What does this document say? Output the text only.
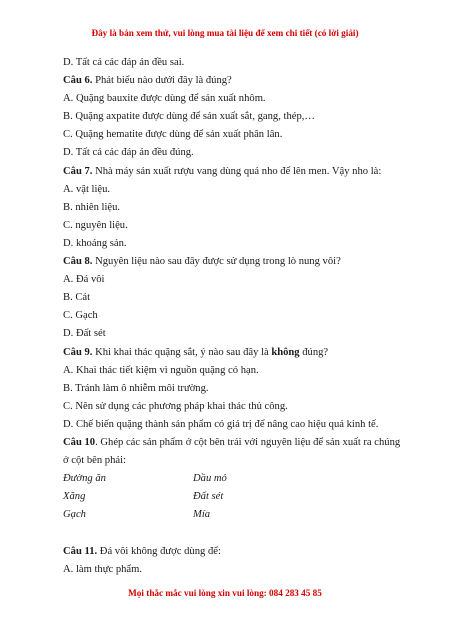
Đây là bản xem thử, vui lòng mua tài liệu để xem chi tiết (có lời giải)
D. Tất cả các đáp án đều sai.
Câu 6. Phát biểu nào dưới đây là đúng?
A. Quặng bauxite được dùng để sản xuất nhôm.
B. Quặng axpatite được dùng để sản xuất sắt, gang, thép,…
C. Quặng hematite được dùng để sản xuất phân lân.
D. Tất cả các đáp án đều đúng.
Câu 7. Nhà máy sản xuất rượu vang dùng quả nho để lên men. Vậy nho là:
A. vật liệu.
B. nhiên liệu.
C. nguyên liệu.
D. khoáng sản.
Câu 8. Nguyên liệu nào sau đây được sử dụng trong lò nung vôi?
A. Đá vôi
B. Cát
C. Gạch
D. Đất sét
Câu 9. Khi khai thác quặng sắt, ý nào sau đây là không đúng?
A. Khai thác tiết kiệm vì nguồn quặng có hạn.
B. Tránh làm ô nhiễm môi trường.
C. Nên sử dụng các phương pháp khai thác thủ công.
D. Chế biến quặng thành sản phẩm có giá trị để nâng cao hiệu quả kinh tế.
Câu 10. Ghép các sản phẩm ở cột bên trái với nguyên liệu để sản xuất ra chúng ở cột bên phải:
Đường ăn	Dầu mỏ
Xăng	Đất sét
Gạch	Mía
Câu 11. Đá vôi không được dùng để:
A. làm thực phẩm.
Mọi thắc mắc vui lòng xin vui lòng: 084 283 45 85
